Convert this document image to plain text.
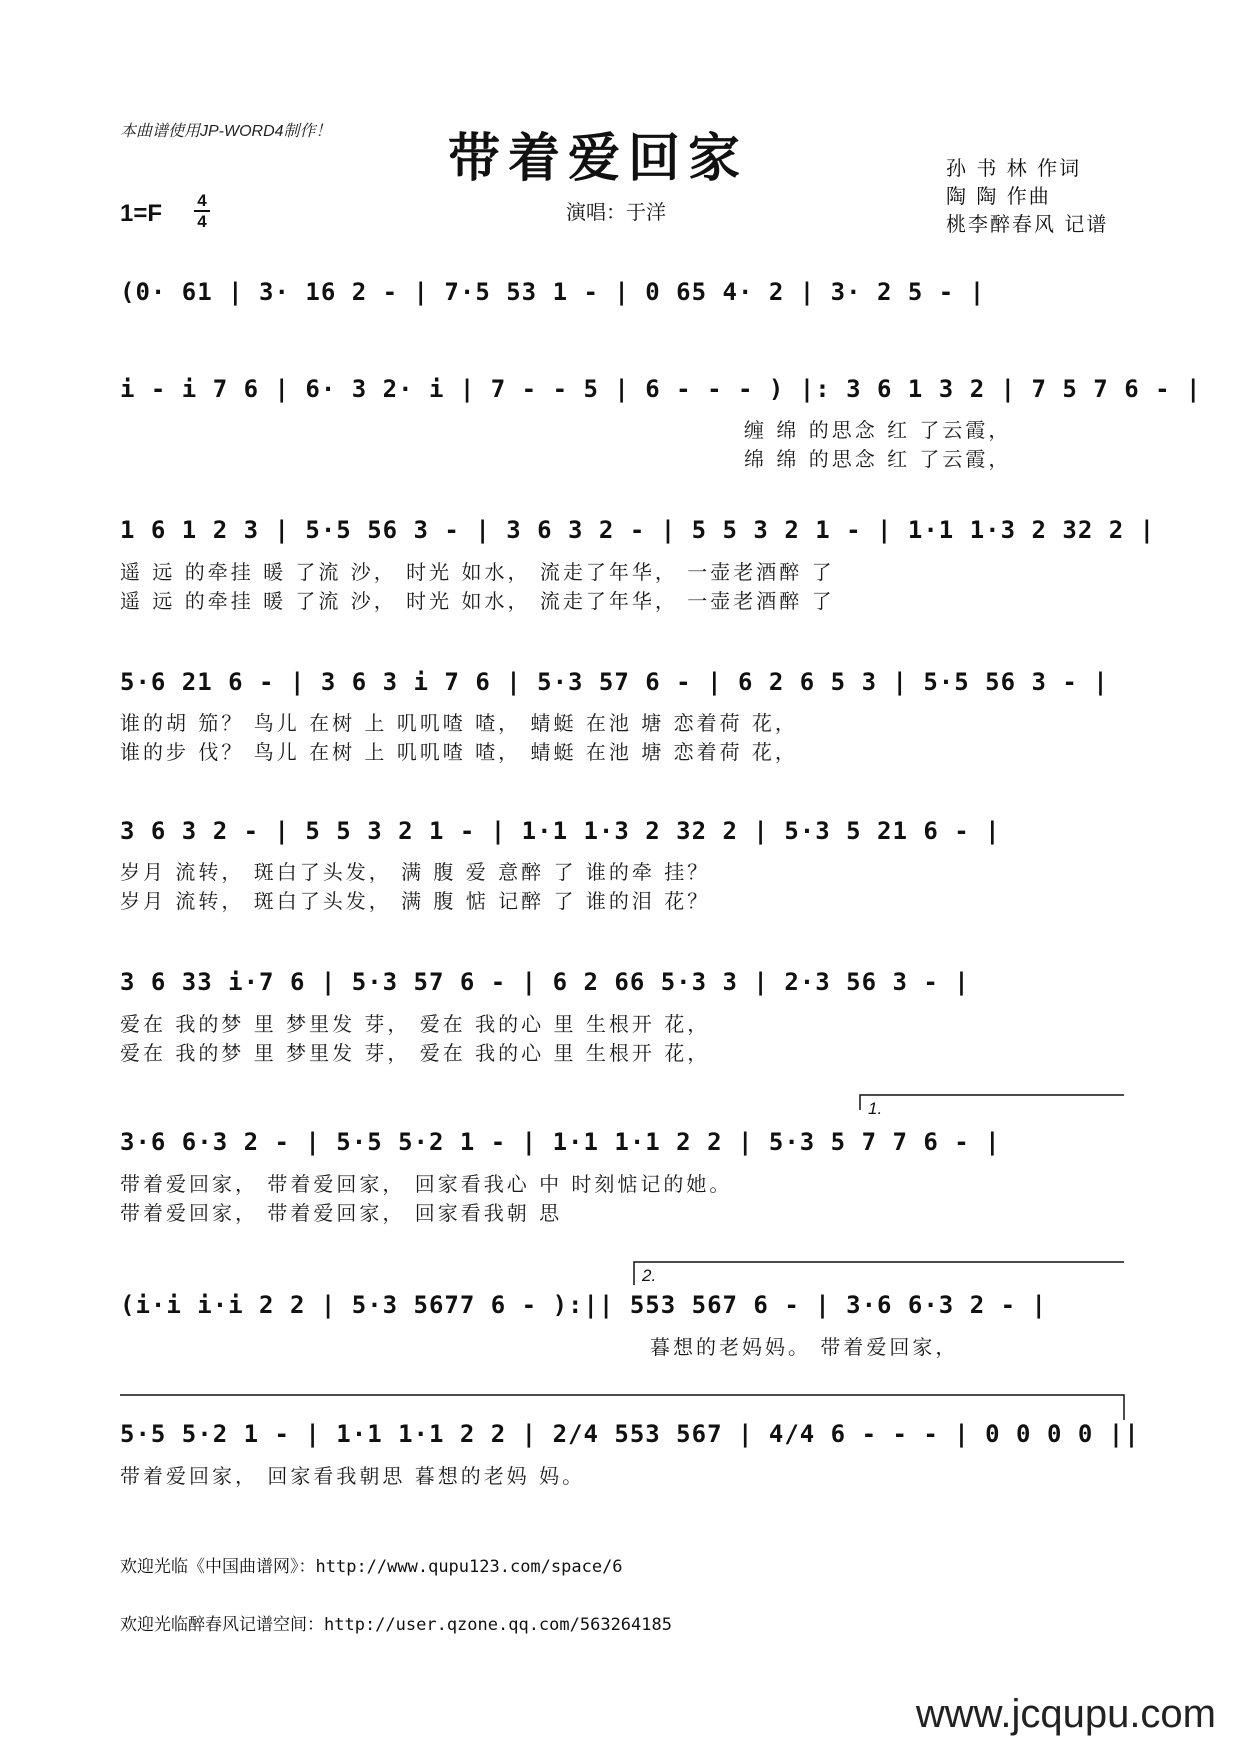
本曲谱使用JP-WORD4制作！ 带着爱回家	孙 书 林 作词
陶 陶 作曲
桃李醉春风 记谱
1=F	4
4	演唱：于洋
(0· 61 | 3· 16 2 - | 7·5 53 1 - | 0 65 4· 2 | 3· 2 5 - |
i - i 7 6 | 6· 3 2· i | 7 - - 5 | 6 - - - ) |: 3 6 1 3 2 | 7 5 7 6 - |
缠 绵 的思念 红 了云霞，
绵 绵 的思念 红 了云霞，
1 6 1 2 3 | 5·5 56 3 - | 3 6 3 2 - | 5 5 3 2 1 - | 1·1 1·3 2 32 2 |
遥 远 的牵挂 暖 了流 沙， 时光 如水， 流走了年华， 一壶老酒醉 了
遥 远 的牵挂 暖 了流 沙， 时光 如水， 流走了年华， 一壶老酒醉 了
5·6 21 6 - | 3 6 3 i 7 6 | 5·3 57 6 - | 6 2 6 5 3 | 5·5 56 3 - |
谁的胡 笳？ 鸟儿 在树 上 叽叽喳 喳， 蜻蜓 在池 塘 恋着荷 花，
谁的步 伐？ 鸟儿 在树 上 叽叽喳 喳， 蜻蜓 在池 塘 恋着荷 花，
3 6 3 2 - | 5 5 3 2 1 - | 1·1 1·3 2 32 2 | 5·3 5 21 6 - |
岁月 流转， 斑白了头发， 满 腹 爱 意醉 了 谁的牵 挂？
岁月 流转， 斑白了头发， 满 腹 惦 记醉 了 谁的泪 花？
3 6 33 i·7 6 | 5·3 57 6 - | 6 2 66 5·3 3 | 2·3 56 3 - |
爱在 我的梦 里 梦里发 芽， 爱在 我的心 里 生根开 花，
爱在 我的梦 里 梦里发 芽， 爱在 我的心 里 生根开 花，
3·6 6·3 2 - | 5·5 5·2 1 - | 1·1 1·1 2 2 | 5·3 5 7 7 6 - |
带着爱回家， 带着爱回家， 回家看我心 中 时刻惦记的她。
带着爱回家， 带着爱回家， 回家看我朝 思
(i·i i·i 2 2 | 5·3 5677 6 - ):|| 553 567 6 - | 3·6 6·3 2 - |
暮想的老妈妈。 带着爱回家，
5·5 5·2 1 - | 1·1 1·1 2 2 | 2/4 553 567 | 4/4 6 - - - | 0 0 0 0 ||
带着爱回家， 回家看我朝思 暮想的老妈 妈。
1.
2.
欢迎光临《中国曲谱网》：http://www.qupu123.com/space/6
欢迎光临醉春风记谱空间：http://user.qzone.qq.com/563264185
www.jcqupu.com
